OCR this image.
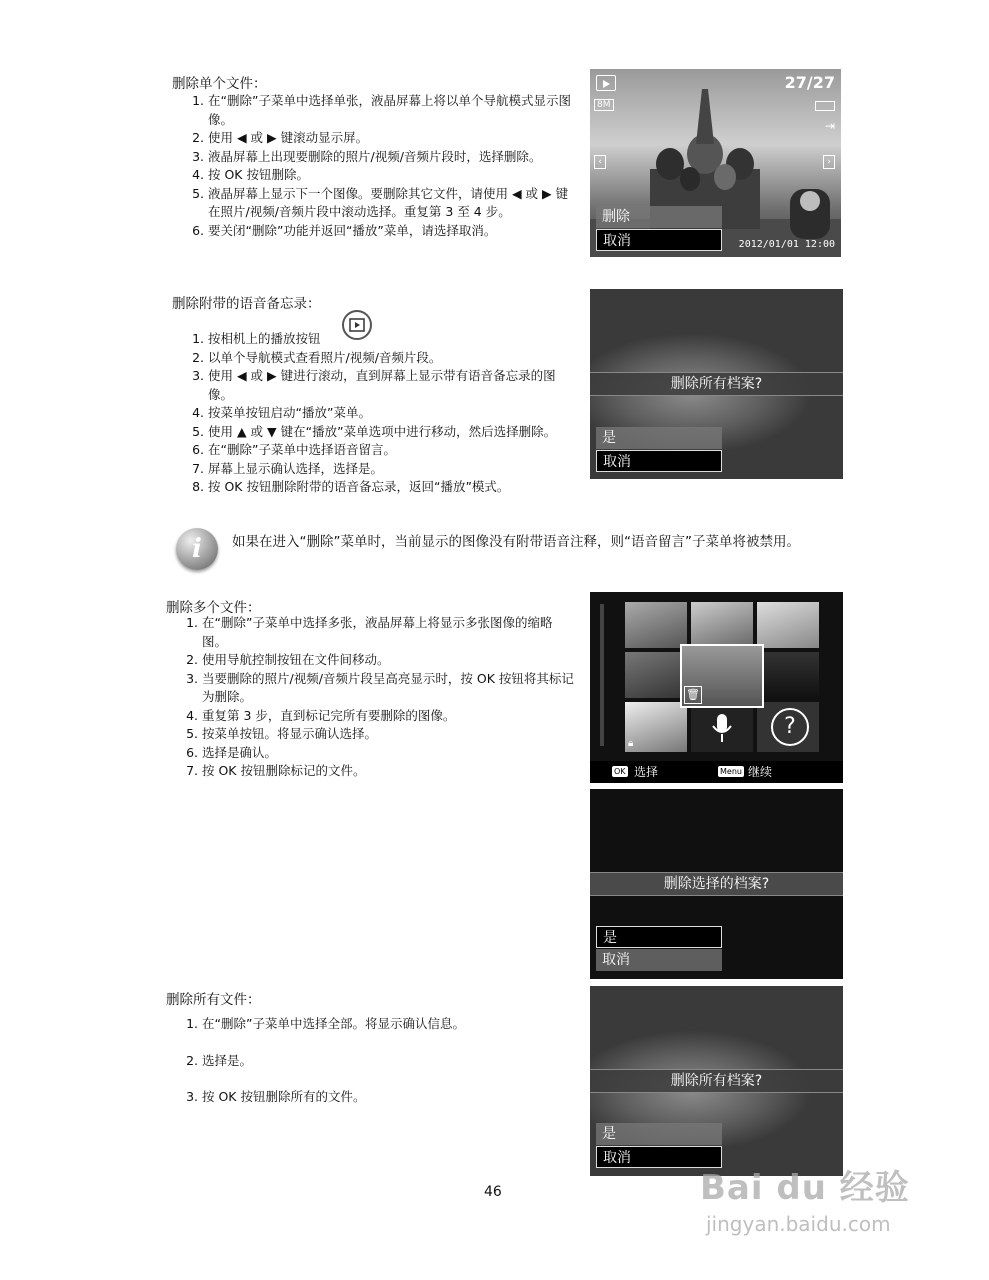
删除单个文件：
1 . 在“删除”子菜单中选择单张，液晶屏幕上将以单个导航模式显示图像。
2 . 使用 ◀ 或 ▶ 键滚动显示屏。
3 . 液晶屏幕上出现要删除的照片/视频/音频片段时，选择删除。
4 . 按 OK 按钮删除。
5 . 液晶屏幕上显示下一个图像。要删除其它文件，请使用 ◀ 或 ▶ 键在照片/视频/音频片段中滚动选择。重复第 3 至 4 步。
6 . 要关闭“删除”功能并返回“播放”菜单，请选择取消。
27/27
8M
⇥
‹	›
删除
取消	2012/01/01 12:00
删除附带的语音备忘录：
1 . 按相机上的播放按钮
2 . 以单个导航模式查看照片/视频/音频片段。
3 . 使用 ◀ 或 ▶ 键进行滚动，直到屏幕上显示带有语音备忘录的图像。
4 . 按菜单按钮启动“播放”菜单。
5 . 使用 ▲ 或 ▼ 键在“播放”菜单选项中进行移动，然后选择删除。
6 . 在“删除”子菜单中选择语音留言。
7 . 屏幕上显示确认选择，选择是。
8 . 按 OK 按钮删除附带的语音备忘录，返回“播放”模式。
删除所有档案?
是
取消
i	如果在进入“删除”菜单时，当前显示的图像没有附带语音注释，则“语音留言”子菜单将被禁用。
删除多个文件：
1 . 在“删除”子菜单中选择多张，液晶屏幕上将显示多张图像的缩略图。
2 . 使用导航控制按钮在文件间移动。
3 . 当要删除的照片/视频/音频片段呈高亮显示时，按 OK 按钮将其标记为删除。
4 . 重复第 3 步，直到标记完所有要删除的图像。
5 . 按菜单按钮。将显示确认选择。
6 . 选择是确认。
7 . 按 OK 按钮删除标记的文件。
🔒︎
?
🗑︎
OK 选择	Menu 继续
删除选择的档案?
是
取消
删除所有文件：
1 . 在“删除”子菜单中选择全部。将显示确认信息。
2 . 选择是。
3 . 按 OK 按钮删除所有的文件。
删除所有档案?
是
取消
46	Bai du 经验
jingyan.baidu.com
